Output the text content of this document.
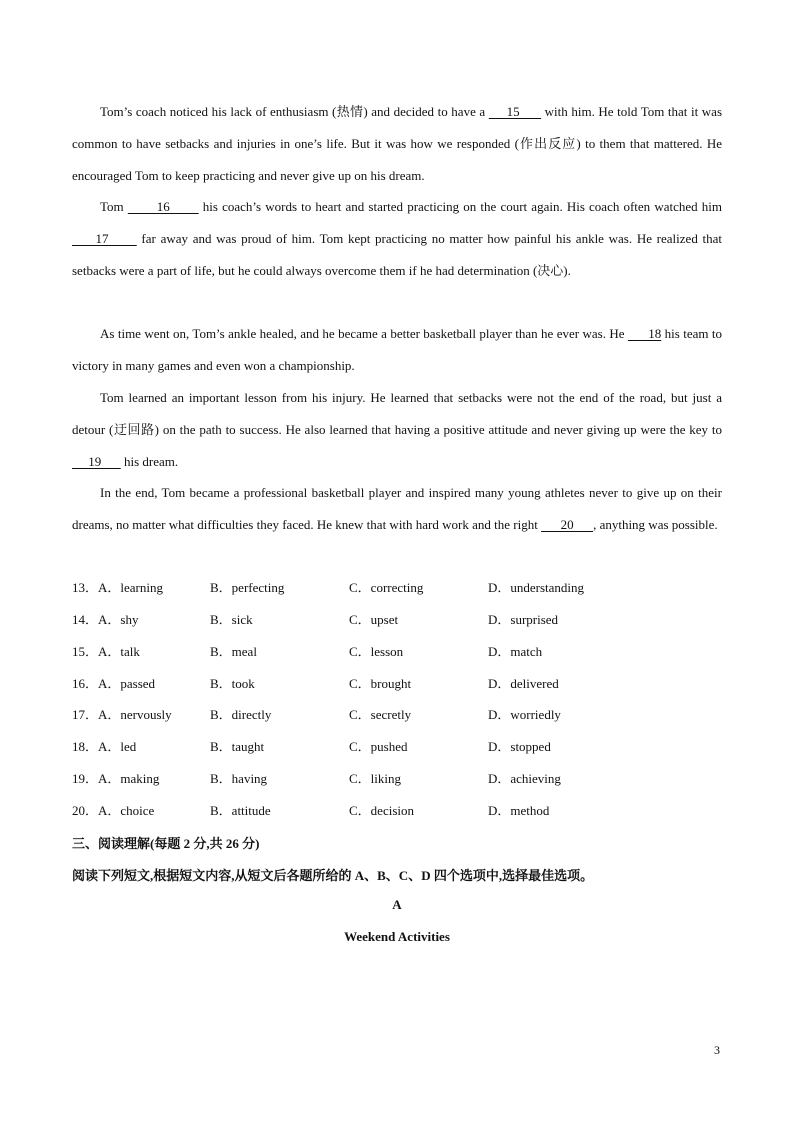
Tom’s coach noticed his lack of enthusiasm (热情) and decided to have a      15       with him. He told Tom that it was common to have setbacks and injuries in one’s life. But it was how we responded (作出反应) to them that mattered. He encouraged Tom to keep practicing and never give up on his dream.
Tom        16        his coach’s words to heart and started practicing on the court again. His coach often watched him      17       far away and was proud of him. Tom kept practicing no matter how painful his ankle was. He realized that setbacks were a part of life, but he could always overcome them if he had determination (决心).
As time went on, Tom’s ankle healed, and he became a better basketball player than he ever was. He       18 his team to victory in many games and even won a championship.
Tom learned an important lesson from his injury. He learned that setbacks were not the end of the road, but just a detour (迂回路) on the path to success. He also learned that having a positive attitude and never giving up were the key to      19       his dream.
In the end, Tom became a professional basketball player and inspired many young athletes never to give up on their dreams, no matter what difficulties they faced. He knew that with hard work and the right       20      , anything was possible.
13．A．learning	B．perfecting	C．correcting	D．understanding
14．A．shy	B．sick	C．upset	D．surprised
15．A．talk	B．meal	C．lesson	D．match
16．A．passed	B．took	C．brought	D．delivered
17．A．nervously	B．directly	C．secretly	D．worriedly
18．A．led	B．taught	C．pushed	D．stopped
19．A．making	B．having	C．liking	D．achieving
20．A．choice	B．attitude	C．decision	D．method
三、阅读理解(每题 2 分,共 26 分)
阅读下列短文,根据短文内容,从短文后各题所给的 A、B、C、D 四个选项中,选择最佳选项。
A
Weekend Activities
3
